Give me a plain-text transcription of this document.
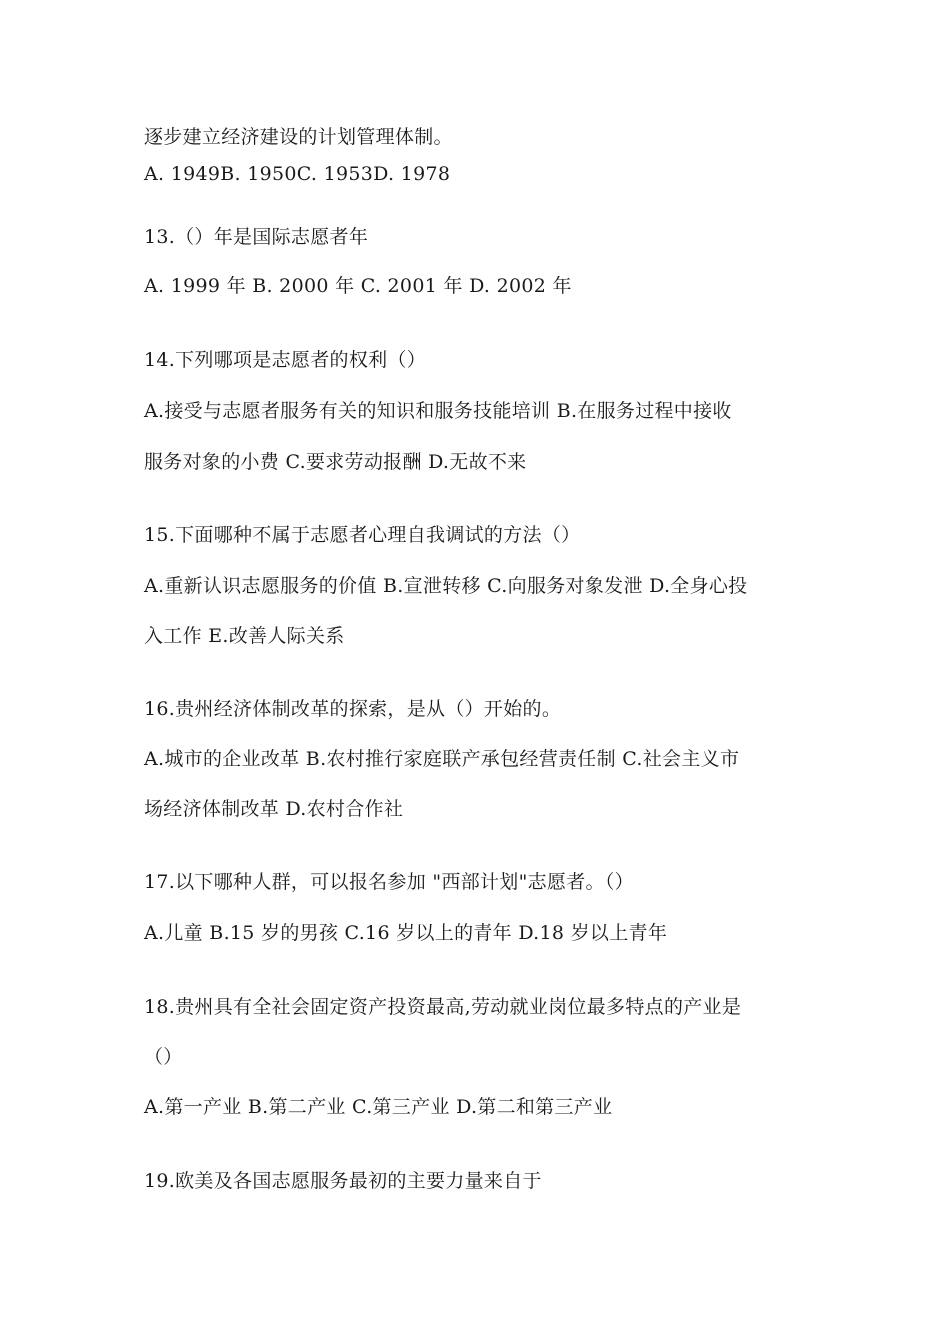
逐步建立经济建设的计划管理体制。
A. 1949B. 1950C. 1953D. 1978
13.（）年是国际志愿者年
A. 1999 年 B. 2000 年 C. 2001 年 D. 2002 年
14.下列哪项是志愿者的权利（）
A.接受与志愿者服务有关的知识和服务技能培训 B.在服务过程中接收
服务对象的小费 C.要求劳动报酬 D.无故不来
15.下面哪种不属于志愿者心理自我调试的方法（）
A.重新认识志愿服务的价值 B.宣泄转移 C.向服务对象发泄 D.全身心投
入工作 E.改善人际关系
16.贵州经济体制改革的探索，是从（）开始的。
A.城市的企业改革 B.农村推行家庭联产承包经营责任制 C.社会主义市
场经济体制改革 D.农村合作社
17.以下哪种人群，可以报名参加 "西部计划"志愿者。（）
A.儿童 B.15 岁的男孩 C.16 岁以上的青年 D.18 岁以上青年
18.贵州具有全社会固定资产投资最高,劳动就业岗位最多特点的产业是
（）
A.第一产业 B.第二产业 C.第三产业 D.第二和第三产业
19.欧美及各国志愿服务最初的主要力量来自于
